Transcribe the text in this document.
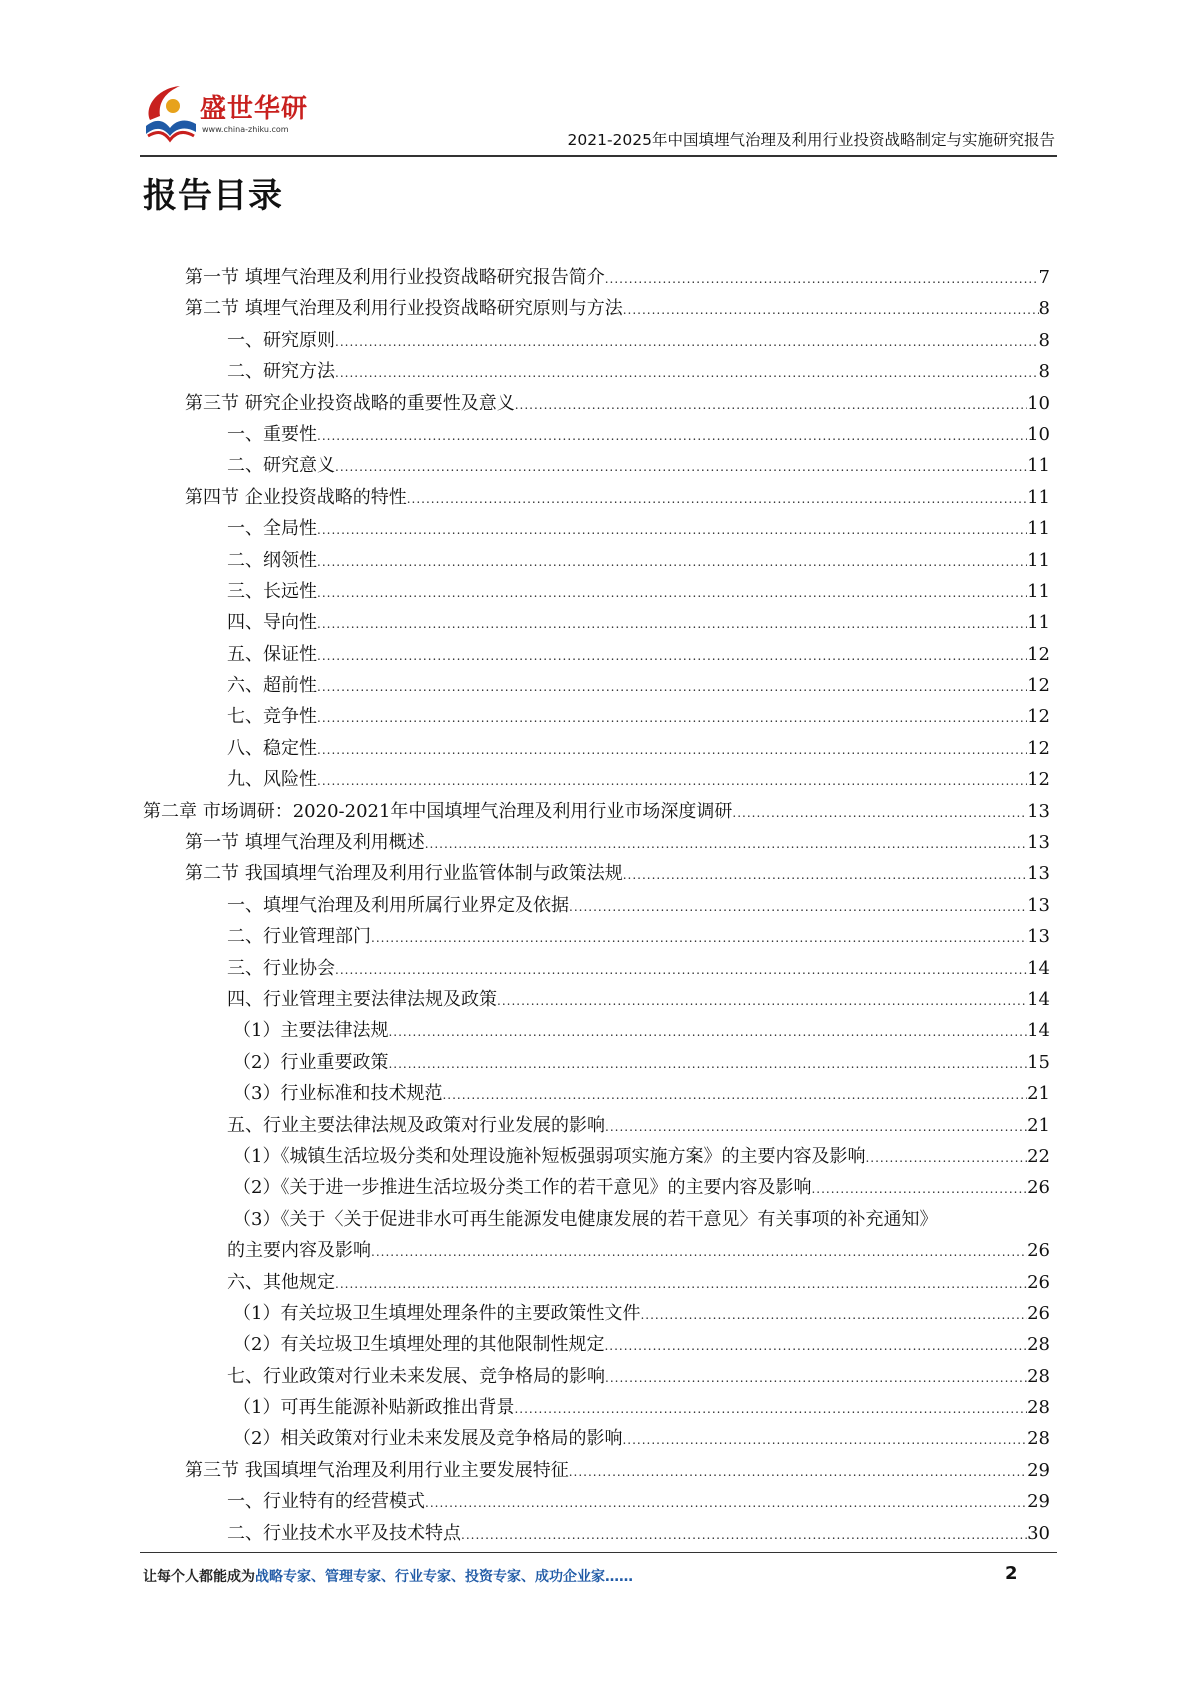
盛世华研
www.china-zhiku.com
2021-2025年中国填埋气治理及利用行业投资战略制定与实施研究报告
报告目录
第一节 填埋气治理及利用行业投资战略研究报告简介 .....	7
第二节 填埋气治理及利用行业投资战略研究原则与方法 .....	8
一、研究原则 .....	8
二、研究方法 .....	8
第三节 研究企业投资战略的重要性及意义 .....	10
一、重要性 .....	10
二、研究意义 .....	11
第四节 企业投资战略的特性 .....	11
一、全局性 .....	11
二、纲领性 .....	11
三、长远性 .....	11
四、导向性 .....	11
五、保证性 .....	12
六、超前性 .....	12
七、竞争性 .....	12
八、稳定性 .....	12
九、风险性 .....	12
第二章 市场调研：2020-2021年中国填埋气治理及利用行业市场深度调研 .....	13
第一节 填埋气治理及利用概述 .....	13
第二节 我国填埋气治理及利用行业监管体制与政策法规 .....	13
一、填埋气治理及利用所属行业界定及依据 .....	13
二、行业管理部门 .....	13
三、行业协会 .....	14
四、行业管理主要法律法规及政策 .....	14
（1）主要法律法规 .....	14
（2）行业重要政策 .....	15
（3）行业标准和技术规范 .....	21
五、行业主要法律法规及政策对行业发展的影响 .....	21
（1）《城镇生活垃圾分类和处理设施补短板强弱项实施方案》的主要内容及影响 .....	22
（2）《关于进一步推进生活垃圾分类工作的若干意见》的主要内容及影响 .....	26
（3）《关于〈关于促进非水可再生能源发电健康发展的若干意见〉有关事项的补充通知》
的主要内容及影响 .....	26
六、其他规定 .....	26
（1）有关垃圾卫生填埋处理条件的主要政策性文件 .....	26
（2）有关垃圾卫生填埋处理的其他限制性规定 .....	28
七、行业政策对行业未来发展、竞争格局的影响 .....	28
（1）可再生能源补贴新政推出背景 .....	28
（2）相关政策对行业未来发展及竞争格局的影响 .....	28
第三节 我国填埋气治理及利用行业主要发展特征 .....	29
一、行业特有的经营模式 .....	29
二、行业技术水平及技术特点 .....	30
让每个人都能成为战略专家、管理专家、行业专家、投资专家、成功企业家……	2
